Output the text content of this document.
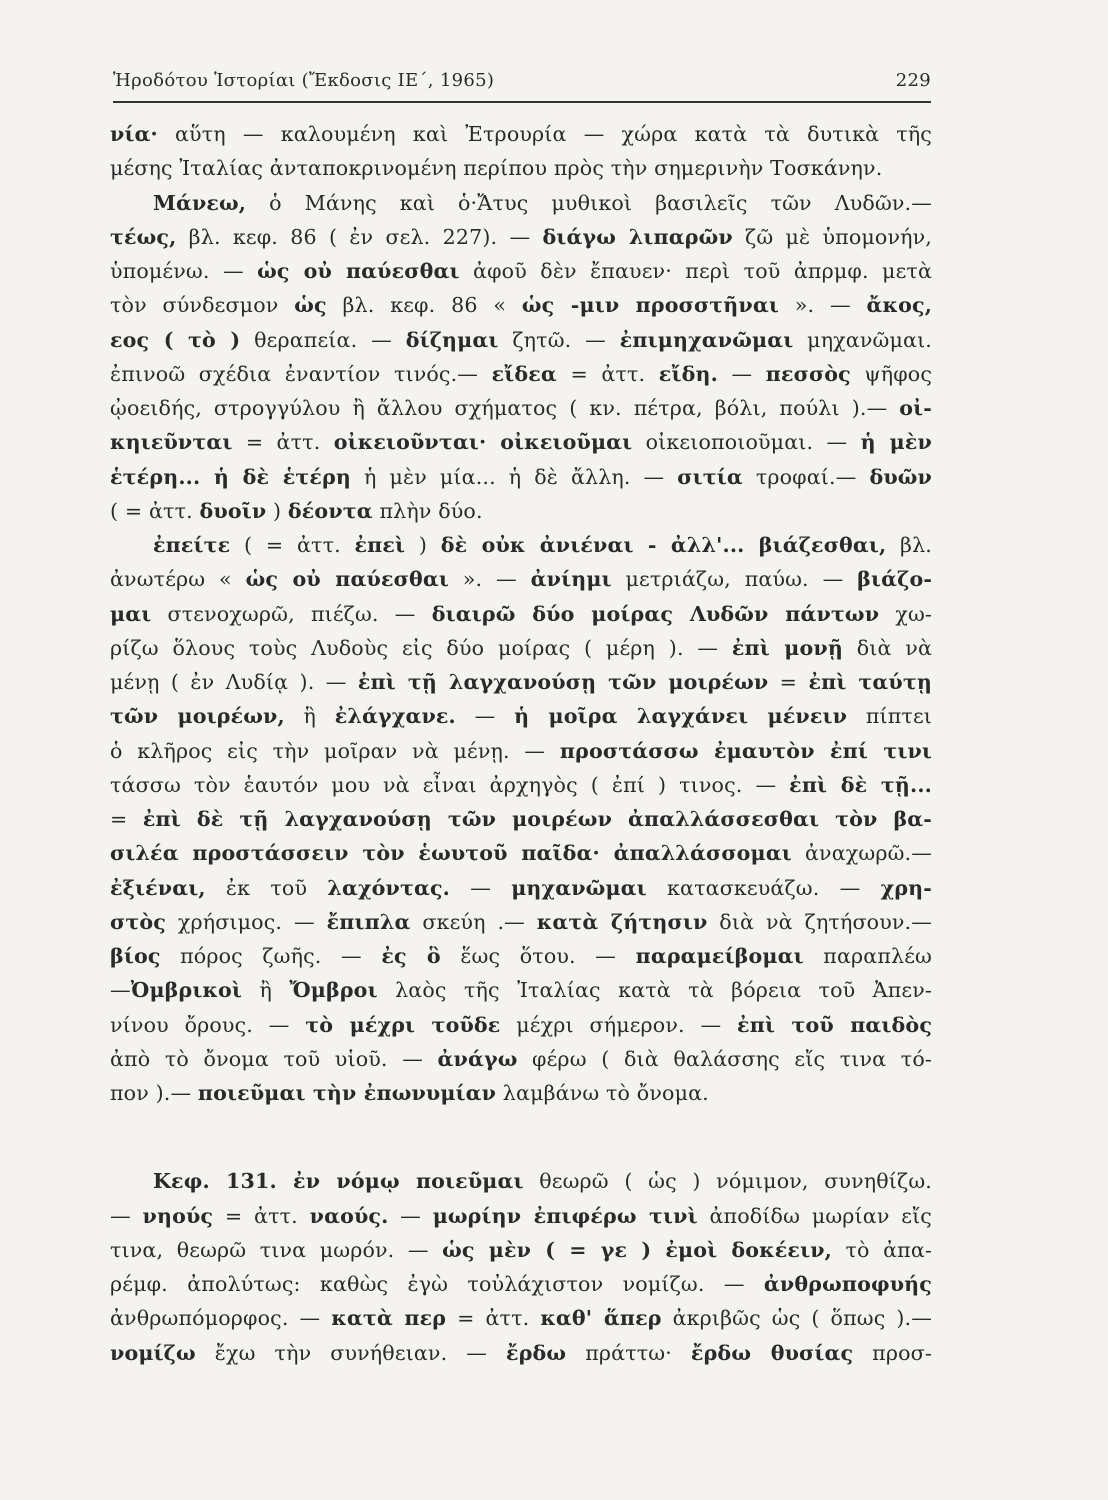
Ἡροδότου Ἱστορίαι (Ἔκδοσις ΙΕ΄, 1965)	229
νία· αὕτη — καλουμένη καὶ Ἐτρουρία — χώρα κατὰ τὰ δυτικὰ τῆς
μέσης Ἰταλίας ἀνταποκρινομένη περίπου πρὸς τὴν σημερινὴν Τοσκάνην.
Μάνεω, ὁ Μάνης καὶ ὁ·Ἄτυς μυθικοὶ βασιλεῖς τῶν Λυδῶν.—
τέως, βλ. κεφ. 86 ( ἐν σελ. 227). — διάγω λιπαρῶν ζῶ μὲ ὑπομονήν,
ὑπομένω. — ὡς οὐ παύεσθαι ἀφοῦ δὲν ἔπαυεν· περὶ τοῦ ἀπρμφ. μετὰ
τὸν σύνδεσμον ὡς βλ. κεφ. 86 « ὡς -μιν προσστῆναι ». — ἄκος,
εος ( τὸ ) θεραπεία. — δίζημαι ζητῶ. — ἐπιμηχανῶμαι μηχανῶμαι.
ἐπινοῶ σχέδια ἐναντίον τινός.— εἴδεα = ἀττ. εἴδη. — πεσσὸς ψῆφος
ᾠοειδής, στρογγύλου ἢ ἄλλου σχήματος ( κν. πέτρα, βόλι, πούλι ).— οἰ-
κηιεῦνται = ἀττ. οἰκειοῦνται· οἰκειοῦμαι οἰκειοποιοῦμαι. — ἡ μὲν
ἑτέρη... ἡ δὲ ἑτέρη ἡ μὲν μία... ἡ δὲ ἄλλη. — σιτία τροφαί.— δυῶν
( = ἀττ. δυοῖν ) δέοντα πλὴν δύο.
ἐπείτε ( = ἀττ. ἐπεὶ ) δὲ οὐκ ἀνιέναι - ἀλλ'... βιάζεσθαι, βλ.
ἀνωτέρω « ὡς οὐ παύεσθαι ». — ἀνίημι μετριάζω, παύω. — βιάζο-
μαι στενοχωρῶ, πιέζω. — διαιρῶ δύο μοίρας Λυδῶν πάντων χω-
ρίζω ὅλους τοὺς Λυδοὺς εἰς δύο μοίρας ( μέρη ). — ἐπὶ μονῇ διὰ νὰ
μένῃ ( ἐν Λυδίᾳ ). — ἐπὶ τῇ λαγχανούσῃ τῶν μοιρέων = ἐπὶ ταύτῃ
τῶν μοιρέων, ἣ ἐλάγχανε. — ἡ μοῖρα λαγχάνει μένειν πίπτει
ὁ κλῆρος εἰς τὴν μοῖραν νὰ μένῃ. — προστάσσω ἐμαυτὸν ἐπί τινι
τάσσω τὸν ἑαυτόν μου νὰ εἶναι ἀρχηγὸς ( ἐπί ) τινος. — ἐπὶ δὲ τῇ...
= ἐπὶ δὲ τῇ λαγχανούσῃ τῶν μοιρέων ἀπαλλάσσεσθαι τὸν βα-
σιλέα προστάσσειν τὸν ἑωυτοῦ παῖδα· ἀπαλλάσσομαι ἀναχωρῶ.—
ἐξιέναι, ἐκ τοῦ λαχόντας. — μηχανῶμαι κατασκευάζω. — χρη-
στὸς χρήσιμος. — ἔπιπλα σκεύη .— κατὰ ζήτησιν διὰ νὰ ζητήσουν.—
βίος πόρος ζωῆς. — ἐς ὃ ἕως ὅτου. — παραμείβομαι παραπλέω
—Ὀμβρικοὶ ἢ Ὄμβροι λαὸς τῆς Ἰταλίας κατὰ τὰ βόρεια τοῦ Ἀπεν-
νίνου ὄρους. — τὸ μέχρι τοῦδε μέχρι σήμερον. — ἐπὶ τοῦ παιδὸς
ἀπὸ τὸ ὄνομα τοῦ υἱοῦ. — ἀνάγω φέρω ( διὰ θαλάσσης εἴς τινα τό-
πον ).— ποιεῦμαι τὴν ἐπωνυμίαν λαμβάνω τὸ ὄνομα.
Κεφ. 131. ἐν νόμῳ ποιεῦμαι θεωρῶ ( ὡς ) νόμιμον, συνηθίζω.
— νηούς = ἀττ. ναούς. — μωρίην ἐπιφέρω τινὶ ἀποδίδω μωρίαν εἴς
τινα, θεωρῶ τινα μωρόν. — ὡς μὲν ( = γε ) ἐμοὶ δοκέειν, τὸ ἀπα-
ρέμφ. ἀπολύτως: καθὼς ἐγὼ τοὐλάχιστον νομίζω. — ἀνθρωποφυής
ἀνθρωπόμορφος. — κατὰ περ = ἀττ. καθ' ἅπερ ἀκριβῶς ὡς ( ὅπως ).—
νομίζω ἔχω τὴν συνήθειαν. — ἔρδω πράττω· ἔρδω θυσίας προσ-
